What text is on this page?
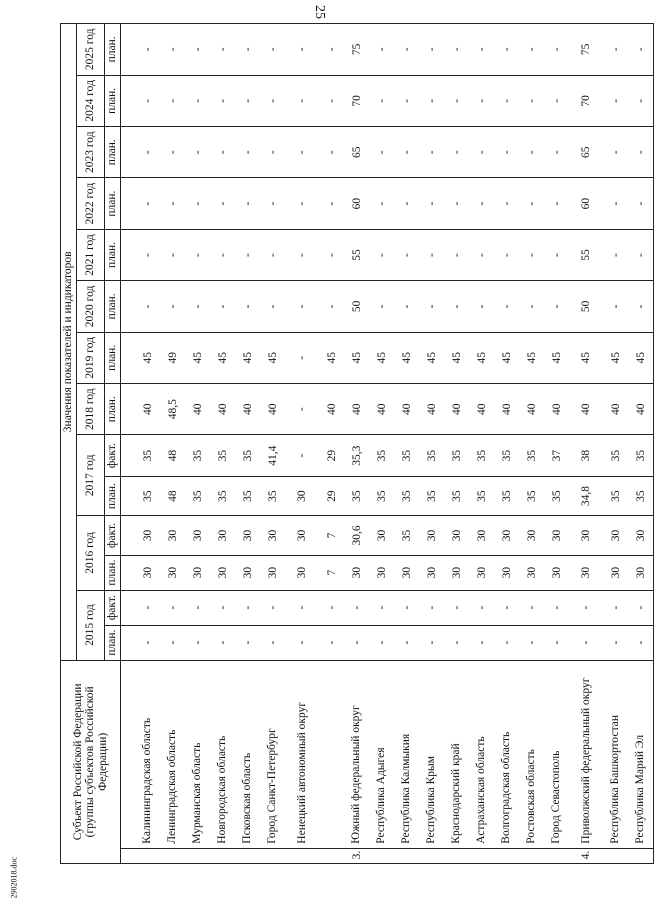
25
2902018.doc
Субъект Российской Федерации (группы субъектов Российской Федерации)		Значения показателей и индикаторов													
		2015 год		2016 год		2017 год		2018 год	2019 год	2020 год	2021 год	2022 год	2023 год	2024 год	2025 год
		план.	факт.	план.	факт.	план.	факт.	план.	план.	план.	план.	план.	план.	план.	план.

	Калининградская область	-	-	30	30	35	35	40	45	-	-	-	-	-	-
	Ленинградская область	-	-	30	30	48	48	48,5	49	-	-	-	-	-	-
	Мурманская область	-	-	30	30	35	35	40	45	-	-	-	-	-	-
	Новгородская область	-	-	30	30	35	35	40	45	-	-	-	-	-	-
	Псковская область	-	-	30	30	35	35	40	45	-	-	-	-	-	-
	Город Санкт-Петербург	-	-	30	30	35	41,4	40	45	-	-	-	-	-	-
	Ненецкий автономный округ	-	-	30	30	30	-	-	-	-	-	-	-	-	-
		-	-	7	7	29	29	40	45	-	-	-	-	-	-
3.	Южный федеральный округ	-	-	30	30,6	35	35,3	40	45	50	55	60	65	70	75
	Республика Адыгея	-	-	30	30	35	35	40	45	-	-	-	-	-	-
	Республика Калмыкия	-	-	30	35	35	35	40	45	-	-	-	-	-	-
	Республика Крым	-	-	30	30	35	35	40	45	-	-	-	-	-	-
	Краснодарский край	-	-	30	30	35	35	40	45	-	-	-	-	-	-
	Астраханская область	-	-	30	30	35	35	40	45	-	-	-	-	-	-
	Волгоградская область	-	-	30	30	35	35	40	45	-	-	-	-	-	-
	Ростовская область	-	-	30	30	35	35	40	45	-	-	-	-	-	-
	Город Севастополь	-	-	30	30	35	37	40	45	-	-	-	-	-	-
4.	Приволжский федеральный округ	-	-	30	30	34,8	38	40	45	50	55	60	65	70	75
	Республика Башкортостан	-	-	30	30	35	35	40	45	-	-	-	-	-	-
	Республика Марий Эл	-	-	30	30	35	35	40	45	-	-	-	-	-	-
